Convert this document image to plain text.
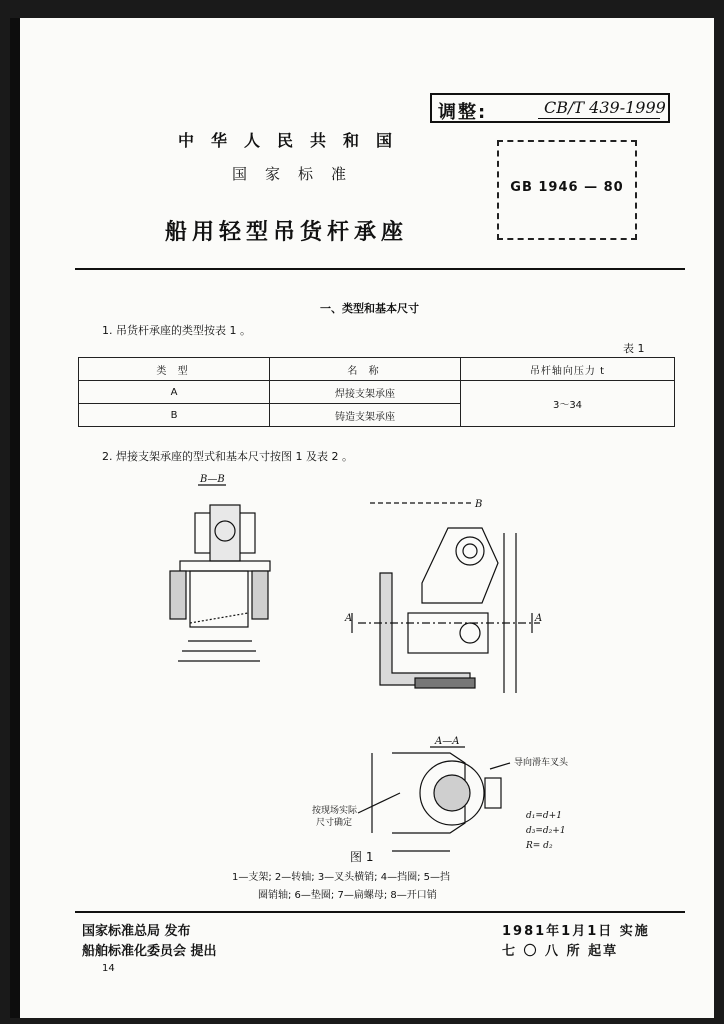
中华人民共和国
国家标准
船用轻型吊货杆承座
调整:	CB/T 439-1999
GB 1946 — 80
一、类型和基本尺寸
1. 吊货杆承座的类型按表 1 。
表 1
类 型	名 称	吊杆轴向压力 t
A	焊接支架承座	3～34
B	铸造支架承座	
2. 焊接支架承座的型式和基本尺寸按图 1 及表 2 。
B—B
B
A	A
A—A
导向滑车叉头
按现场实际
尺寸确定
d₁=d+1
d₃=d₂+1
R= d₂
图 1
1—支架; 2—转轴; 3—叉头横销; 4—挡圈; 5—挡
圈销轴; 6—垫圈; 7—扁螺母; 8—开口销
国家标准总局 发布
船舶标准化委员会 提出
1981年1月1日 实施
七 〇 八 所 起草
14
